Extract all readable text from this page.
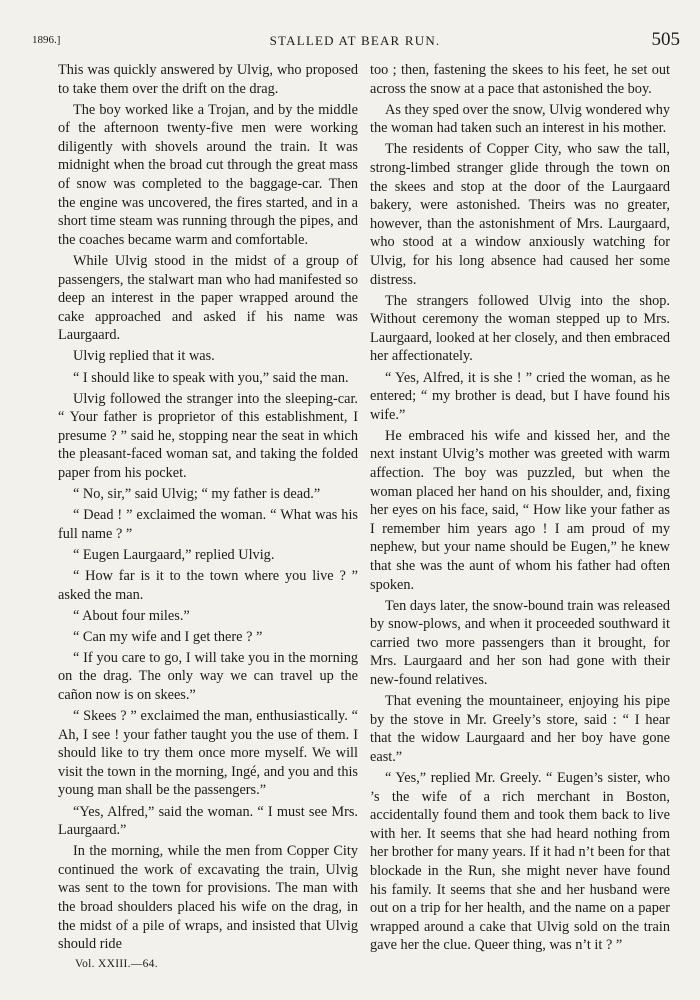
1896.]	STALLED AT BEAR RUN.	505

This was quickly answered by Ulvig, who proposed to take them over the drift on the drag.

The boy worked like a Trojan, and by the middle of the afternoon twenty-five men were working diligently with shovels around the train. It was midnight when the broad cut through the great mass of snow was completed to the baggage-car. Then the engine was uncovered, the fires started, and in a short time steam was running through the pipes, and the coaches became warm and comfortable.

While Ulvig stood in the midst of a group of passengers, the stalwart man who had manifested so deep an interest in the paper wrapped around the cake approached and asked if his name was Laurgaard.

Ulvig replied that it was.

“ I should like to speak with you,” said the man.

Ulvig followed the stranger into the sleeping-car. “ Your father is proprietor of this establishment, I presume ? ” said he, stopping near the seat in which the pleasant-faced woman sat, and taking the folded paper from his pocket.

“ No, sir,” said Ulvig; “ my father is dead.”

“ Dead ! ” exclaimed the woman. “ What was his full name ? ”

“ Eugen Laurgaard,” replied Ulvig.

“ How far is it to the town where you live ? ” asked the man.

“ About four miles.”

“ Can my wife and I get there ? ”

“ If you care to go, I will take you in the morning on the drag. The only way we can travel up the cañon now is on skees.”

“ Skees ? ” exclaimed the man, enthusiastically. “ Ah, I see ! your father taught you the use of them. I should like to try them once more myself. We will visit the town in the morning, Ingé, and you and this young man shall be the passengers.”

“Yes, Alfred,” said the woman. “ I must see Mrs. Laurgaard.”

In the morning, while the men from Copper City continued the work of excavating the train, Ulvig was sent to the town for provisions. The man with the broad shoulders placed his wife on the drag, in the midst of a pile of wraps, and insisted that Ulvig should ride

too ; then, fastening the skees to his feet, he set out across the snow at a pace that astonished the boy.

As they sped over the snow, Ulvig wondered why the woman had taken such an interest in his mother.

The residents of Copper City, who saw the tall, strong-limbed stranger glide through the town on the skees and stop at the door of the Laurgaard bakery, were astonished. Theirs was no greater, however, than the astonishment of Mrs. Laurgaard, who stood at a window anxiously watching for Ulvig, for his long absence had caused her some distress.

The strangers followed Ulvig into the shop. Without ceremony the woman stepped up to Mrs. Laurgaard, looked at her closely, and then embraced her affectionately.

“ Yes, Alfred, it is she ! ” cried the woman, as he entered; “ my brother is dead, but I have found his wife.”

He embraced his wife and kissed her, and the next instant Ulvig’s mother was greeted with warm affection. The boy was puzzled, but when the woman placed her hand on his shoulder, and, fixing her eyes on his face, said, “ How like your father as I remember him years ago ! I am proud of my nephew, but your name should be Eugen,” he knew that she was the aunt of whom his father had often spoken.

Ten days later, the snow-bound train was released by snow-plows, and when it proceeded southward it carried two more passengers than it brought, for Mrs. Laurgaard and her son had gone with their new-found relatives.

That evening the mountaineer, enjoying his pipe by the stove in Mr. Greely’s store, said : “ I hear that the widow Laurgaard and her boy have gone east.”

“ Yes,” replied Mr. Greely. “ Eugen’s sister, who ’s the wife of a rich merchant in Boston, accidentally found them and took them back to live with her. It seems that she had heard nothing from her brother for many years. If it had n’t been for that blockade in the Run, she might never have found his family. It seems that she and her husband were out on a trip for her health, and the name on a paper wrapped around a cake that Ulvig sold on the train gave her the clue. Queer thing, was n’t it ? ”

Vol. XXIII.—64.
